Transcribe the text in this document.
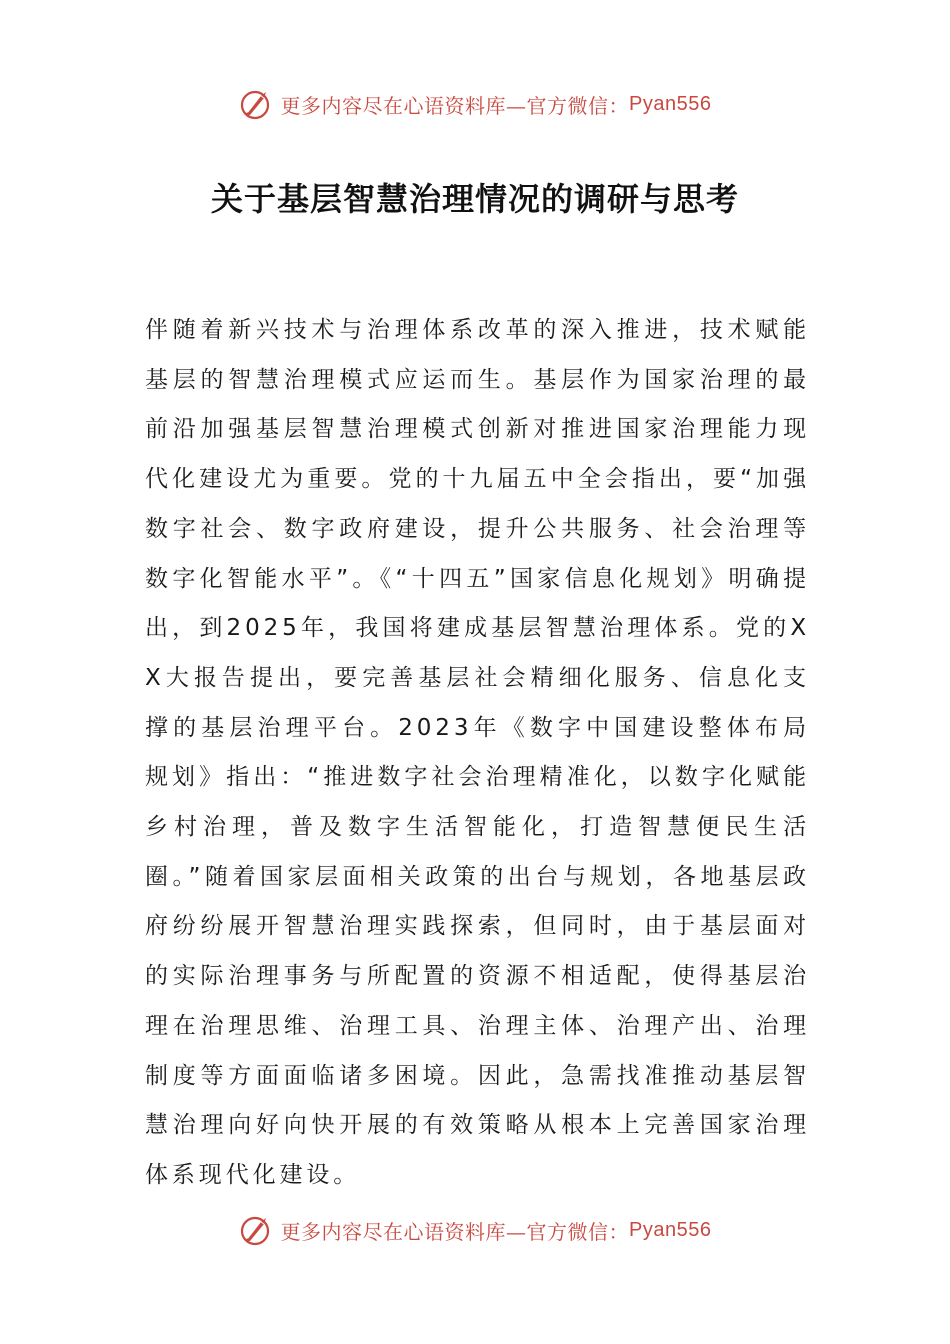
更多内容尽在心语资料库—官方微信： Pyan556
关于基层智慧治理情况的调研与思考
伴随着新兴技术与治理体系改革的深入推进，技术赋能基层的智慧治理模式应运而生。基层作为国家治理的最前沿加强基层智慧治理模式创新对推进国家治理能力现代化建设尤为重要。党的十九届五中全会指出，要“加强数字社会、数字政府建设，提升公共服务、社会治理等数字化智能水平”。《“十四五”国家信息化规划》明确提出，到2025年，我国将建成基层智慧治理体系。党的XX大报告提出，要完善基层社会精细化服务、信息化支撑的基层治理平台。2023年《数字中国建设整体布局规划》指出：“推进数字社会治理精准化，以数字化赋能乡村治理，普及数字生活智能化，打造智慧便民生活圈。”随着国家层面相关政策的出台与规划，各地基层政府纷纷展开智慧治理实践探索，但同时，由于基层面对的实际治理事务与所配置的资源不相适配，使得基层治理在治理思维、治理工具、治理主体、治理产出、治理制度等方面面临诸多困境。因此，急需找准推动基层智慧治理向好向快开展的有效策略从根本上完善国家治理体系现代化建设。
更多内容尽在心语资料库—官方微信： Pyan556
